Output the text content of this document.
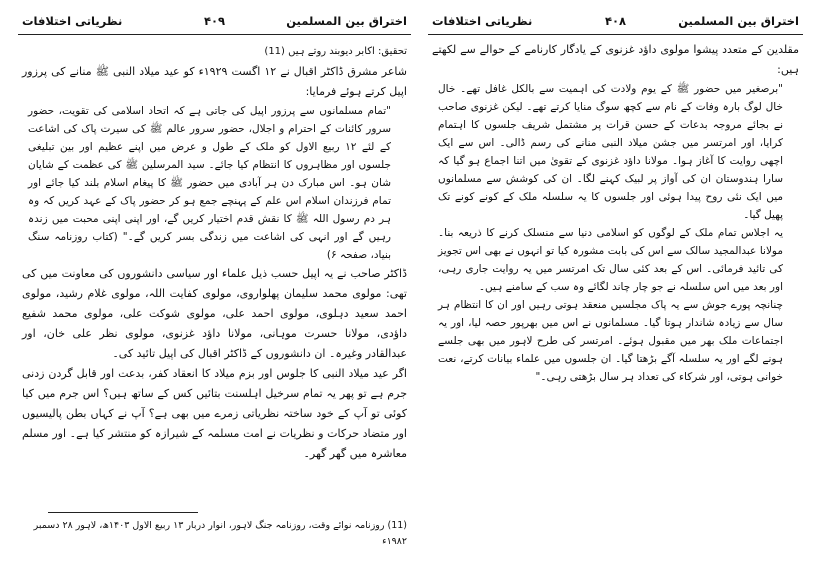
اختراق بین المسلمین
۴۰۹
نظریاتی اختلافات

تحقیق: اکابر دیوبند روتے ہیں (11)

شاعر مشرق ڈاکٹر اقبال نے ۱۲ اگست ۱۹۲۹ء کو عید میلاد النبی ﷺ منانے کی پرزور اپیل کرتے ہوئے فرمایا:

"تمام مسلمانوں سے پرزور اپیل کی جاتی ہے کہ اتحاد اسلامی کی تقویت، حضور سرور کائنات کے احترام و اجلال، حضور سرور عالم ﷺ کی سیرت پاک کی اشاعت کے لئے ۱۲ ربیع الاول کو ملک کے طول و عرض میں اپنے عظیم اور بین تبلیغی جلسوں اور مظاہروں کا انتظام کیا جائے۔ سید المرسلین ﷺ کی عظمت کے شایان شان ہو۔ اس مبارک دن ہر آبادی میں حضور ﷺ کا پیغام اسلام بلند کیا جائے اور تمام فرزندان اسلام اس علم کے پہنچے جمع ہو کر حضور پاک کے عہد کریں کہ وہ ہر دم رسول اللہ ﷺ کا نقش قدم اختیار کریں گے، اور اپنی اپنی محبت میں زندہ رہیں گے اور انہی کی اشاعت میں زندگی بسر کریں گے۔" (کتاب روزنامہ سنگ بنیاد، صفحہ ۶)

ڈاکٹر صاحب نے یہ اپیل حسب ذیل علماء اور سیاسی دانشوروں کی معاونت میں کی تھی: مولوی محمد سلیمان پھلواروی، مولوی کفایت اللہ، مولوی غلام رشید، مولوی احمد سعید دہلوی، مولوی احمد علی، مولوی شوکت علی، مولوی محمد شفیع داؤدی، مولانا حسرت موہانی، مولانا داؤد غزنوی، مولوی نظر علی خان، اور عبدالقادر وغیرہ۔ ان دانشوروں کے ڈاکٹر اقبال کی اپیل تائید کی۔

اگر عید میلاد النبی کا جلوس اور بزم میلاد کا انعقاد کفر، بدعت اور قابل گردن زدنی جرم ہے تو پھر یہ تمام سرخیل اہلسنت بتائیں کس کے ساتھ ہیں؟ اس جرم میں کیا کوئی تو آپ کے خود ساختہ نظریاتی زمرے میں بھی ہے؟ آپ نے کہاں بطن پالیسیوں اور متضاد حرکات و نظریات نے امت مسلمہ کے شیرازہ کو منتشر کیا ہے۔ اور مسلم معاشرہ میں گھر گھر۔

(11) روزنامہ نوائے وقت، روزنامہ جنگ لاہور، انوار دربار ۱۳ ربیع الاول ۱۴۰۳ھ، لاہور ۲۸ دسمبر ۱۹۸۲ء
اختراق بین المسلمین
۴۰۸
نظریاتی اختلافات

مقلدین کے متعدد پیشوا مولوی داؤد غزنوی کے یادگار کارنامے کے حوالے سے لکھتے ہیں:

"برصغیر میں حضور ﷺ کے یوم ولادت کی اہمیت سے بالکل غافل تھے۔ خال خال لوگ بارہ وفات کے نام سے کچھ سوگ منایا کرتے تھے۔ لیکن غزنوی صاحب نے بجائے مروجہ بدعات کے حسن قرات پر مشتمل شریف جلسوں کا اہتمام کرایا، اور امرتسر میں جشن میلاد النبی منانے کی رسم ڈالی۔ اس سے ایک اچھی روایت کا آغاز ہوا۔ مولانا داؤد غزنوی کے تقویٰ میں اتنا اجماع ہو گیا کہ سارا ہندوستان ان کی آواز پر لبیک کہنے لگا۔ ان کی کوشش سے مسلمانوں میں ایک نئی روح پیدا ہوئی اور جلسوں کا یہ سلسلہ ملک کے کونے کونے تک پھیل گیا۔

یہ اجلاس تمام ملک کے لوگوں کو اسلامی دنیا سے منسلک کرنے کا ذریعہ بنا۔ مولانا عبدالمجید سالک سے اس کی بابت مشورہ کیا تو انہوں نے بھی اس تجویز کی تائید فرمائی۔ اس کے بعد کئی سال تک امرتسر میں یہ روایت جاری رہی، اور بعد میں اس سلسلہ نے جو چار چاند لگائے وہ سب کے سامنے ہیں۔

چنانچہ پورے جوش سے یہ پاک مجلسیں منعقد ہوتی رہیں اور ان کا انتظام ہر سال سے زیادہ شاندار ہوتا گیا۔ مسلمانوں نے اس میں بھرپور حصہ لیا، اور یہ اجتماعات ملک بھر میں مقبول ہوئے۔ امرتسر کی طرح لاہور میں بھی جلسے ہونے لگے اور یہ سلسلہ آگے بڑھتا گیا۔ ان جلسوں میں علماء بیانات کرتے، نعت خوانی ہوتی، اور شرکاء کی تعداد ہر سال بڑھتی رہی۔"
